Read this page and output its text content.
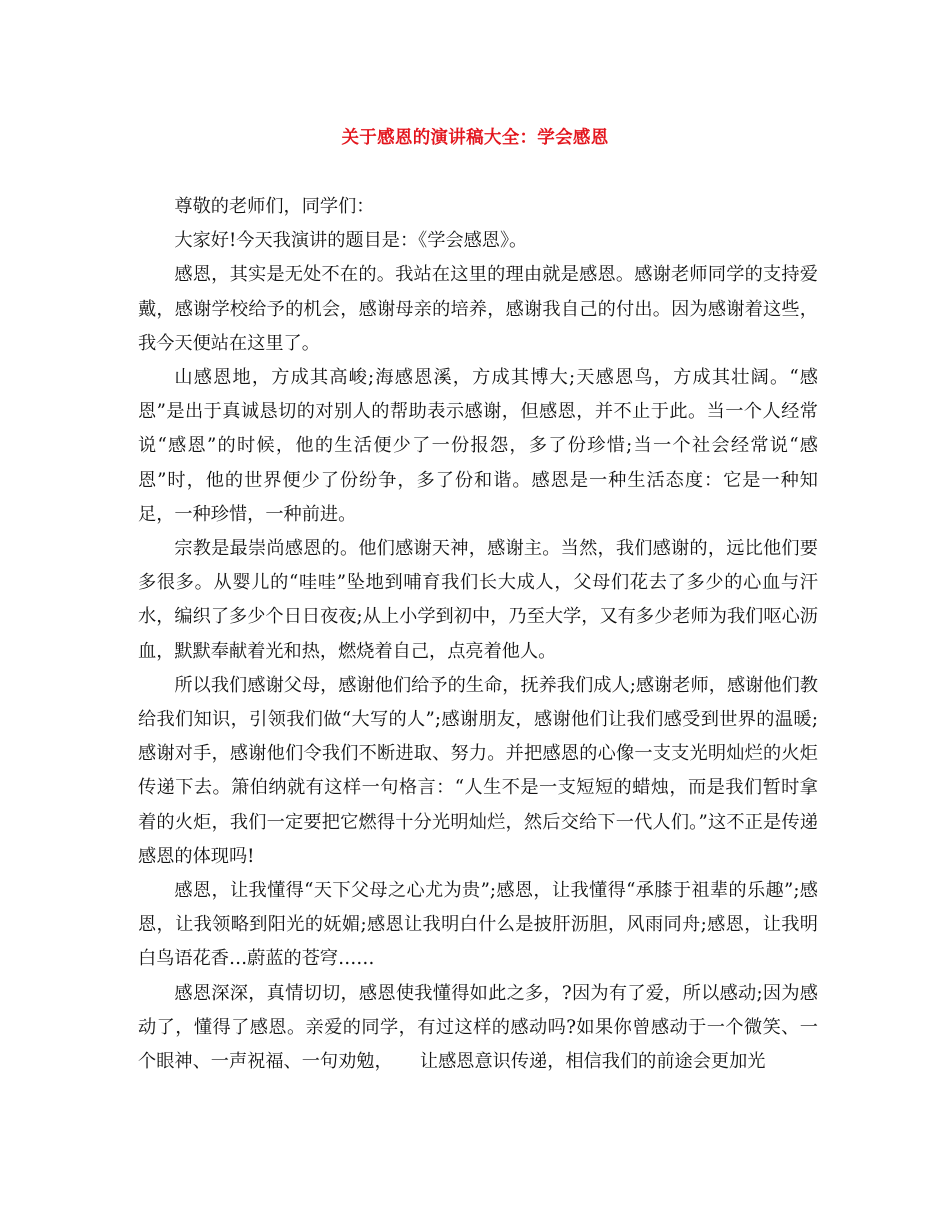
关于感恩的演讲稿大全：学会感恩

尊敬的老师们，同学们：

大家好!今天我演讲的题目是：《学会感恩》。

感恩，其实是无处不在的。我站在这里的理由就是感恩。感谢老师同学的支持爱戴，感谢学校给予的机会，感谢母亲的培养，感谢我自己的付出。因为感谢着这些，我今天便站在这里了。

山感恩地，方成其高峻;海感恩溪，方成其博大;天感恩鸟，方成其壮阔。“感恩”是出于真诚恳切的对别人的帮助表示感谢，但感恩，并不止于此。当一个人经常说“感恩”的时候，他的生活便少了一份报怨，多了份珍惜;当一个社会经常说“感恩”时，他的世界便少了份纷争，多了份和谐。感恩是一种生活态度：它是一种知足，一种珍惜，一种前进。

宗教是最崇尚感恩的。他们感谢天神，感谢主。当然，我们感谢的，远比他们要多很多。从婴儿的“哇哇”坠地到哺育我们长大成人，父母们花去了多少的心血与汗水，编织了多少个日日夜夜;从上小学到初中，乃至大学，又有多少老师为我们呕心沥血，默默奉献着光和热，燃烧着自己，点亮着他人。

所以我们感谢父母，感谢他们给予的生命，抚养我们成人;感谢老师，感谢他们教给我们知识，引领我们做“大写的人”;感谢朋友，感谢他们让我们感受到世界的温暖;感谢对手，感谢他们令我们不断进取、努力。并把感恩的心像一支支光明灿烂的火炬传递下去。箫伯纳就有这样一句格言：“人生不是一支短短的蜡烛，而是我们暂时拿着的火炬，我们一定要把它燃得十分光明灿烂，然后交给下一代人们。”这不正是传递感恩的体现吗!

感恩，让我懂得“天下父母之心尤为贵”;感恩，让我懂得“承膝于祖辈的乐趣”;感恩，让我领略到阳光的妩媚;感恩让我明白什么是披肝沥胆，风雨同舟;感恩，让我明白鸟语花香…蔚蓝的苍穹……

感恩深深，真情切切，感恩使我懂得如此之多，?因为有了爱，所以感动;因为感动了，懂得了感恩。亲爱的同学，有过这样的感动吗?如果你曾感动于一个微笑、一个眼神、一声祝福、一句劝勉，　　让感恩意识传递，相信我们的前途会更加光
